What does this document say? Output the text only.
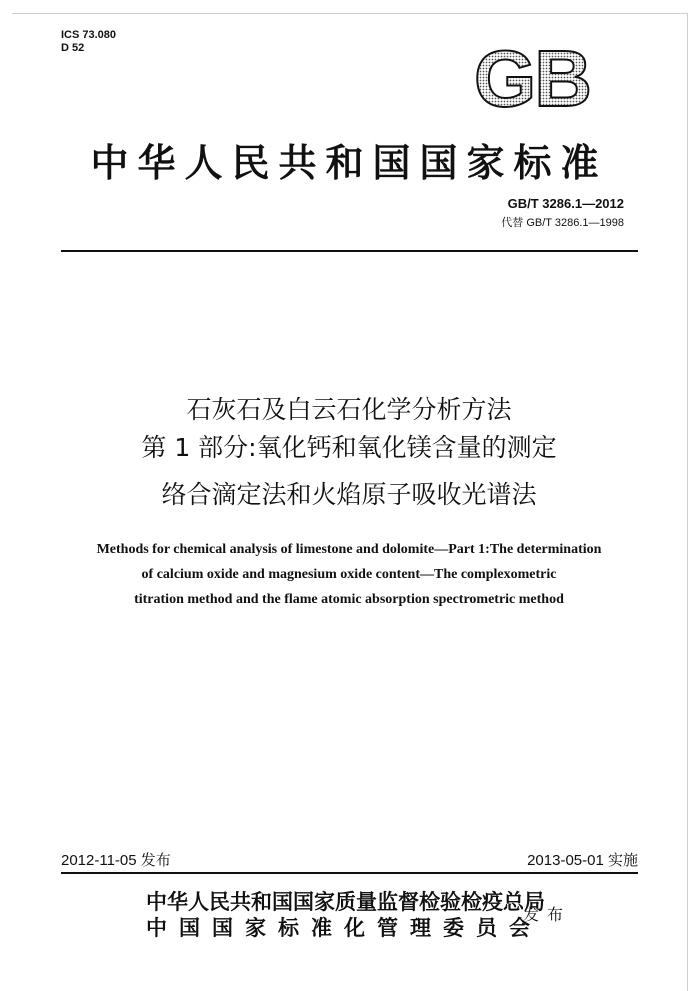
ICS 73.080
D 52	GB
中华人民共和国国家标准
GB/T 3286.1—2012
代替 GB/T 3286.1—1998
石灰石及白云石化学分析方法
第 1 部分:氧化钙和氧化镁含量的测定
络合滴定法和火焰原子吸收光谱法
Methods for chemical analysis of limestone and dolomite—Part 1:The determination
of calcium oxide and magnesium oxide content—The complexometric
titration method and the flame atomic absorption spectrometric method
2012-11-05 发布	2013-05-01 实施
中华人民共和国国家质量监督检验检疫总局
中国国家标准化管理委员会
发布
